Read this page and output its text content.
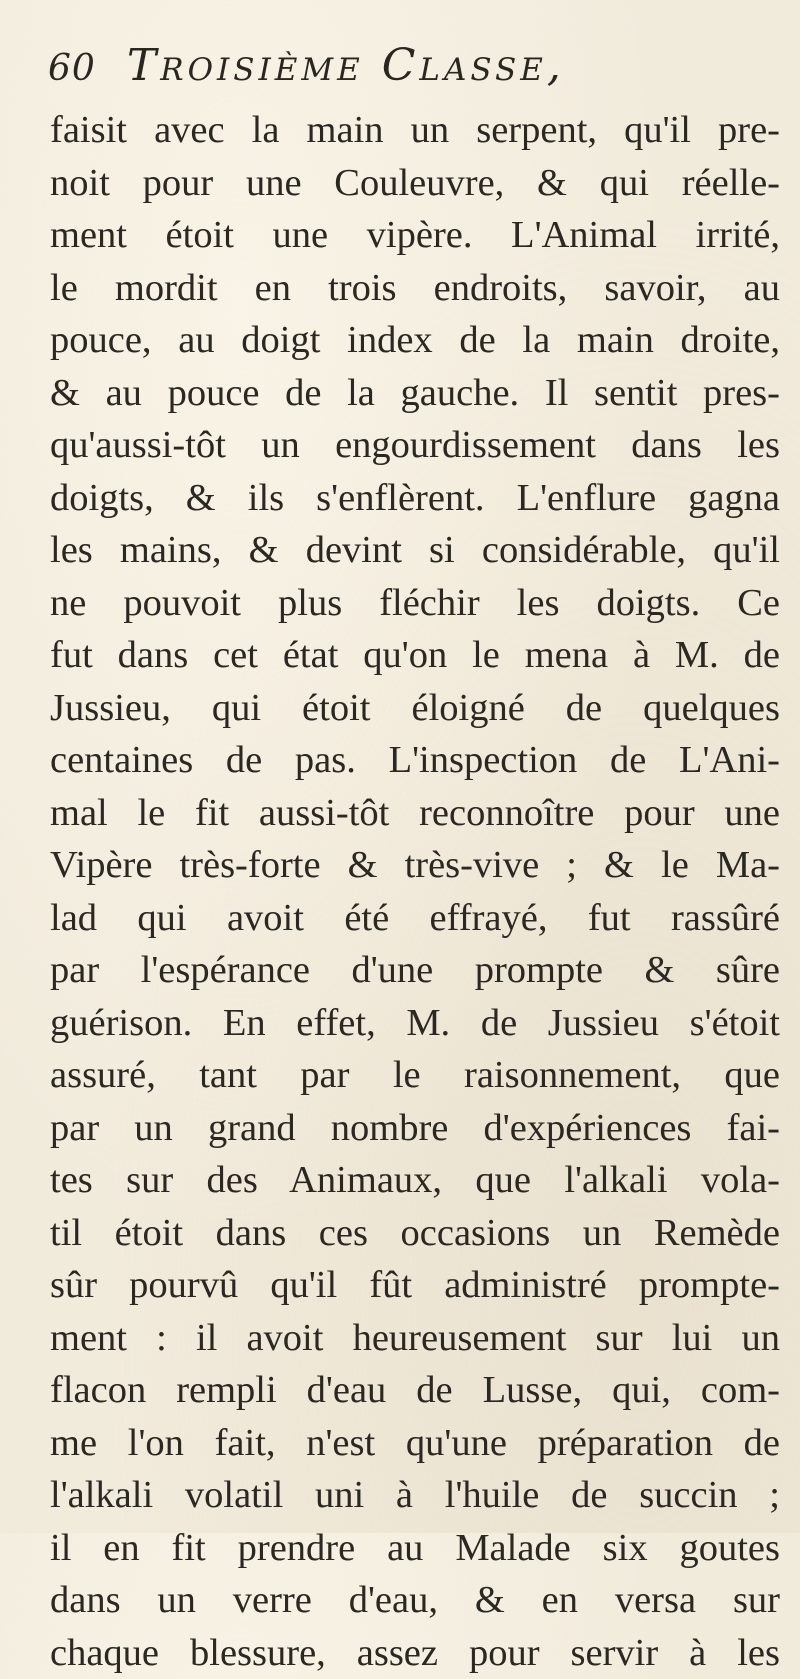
60 Troisième Classe,
faisit avec la main un serpent, qu'il pre-
noit pour une Couleuvre, & qui réelle-
ment étoit une vipère. L'Animal irrité,
le mordit en trois endroits, savoir, au
pouce, au doigt index de la main droite,
& au pouce de la gauche. Il sentit pres-
qu'aussi-tôt un engourdissement dans les
doigts, & ils s'enflèrent. L'enflure gagna
les mains, & devint si considérable, qu'il
ne pouvoit plus fléchir les doigts. Ce
fut dans cet état qu'on le mena à M. de
Jussieu, qui étoit éloigné de quelques
centaines de pas. L'inspection de L'Ani-
mal le fit aussi-tôt reconnoître pour une
Vipère très-forte & très-vive ; & le Ma-
lad qui avoit été effrayé, fut rassûré
par l'espérance d'une prompte & sûre
guérison. En effet, M. de Jussieu s'étoit
assuré, tant par le raisonnement, que
par un grand nombre d'expériences fai-
tes sur des Animaux, que l'alkali vola-
til étoit dans ces occasions un Remède
sûr pourvû qu'il fût administré prompte-
ment : il avoit heureusement sur lui un
flacon rempli d'eau de Lusse, qui, com-
me l'on fait, n'est qu'une préparation de
l'alkali volatil uni à l'huile de succin ;
il en fit prendre au Malade six goutes
dans un verre d'eau, & en versa sur
chaque blessure, assez pour servir à les
